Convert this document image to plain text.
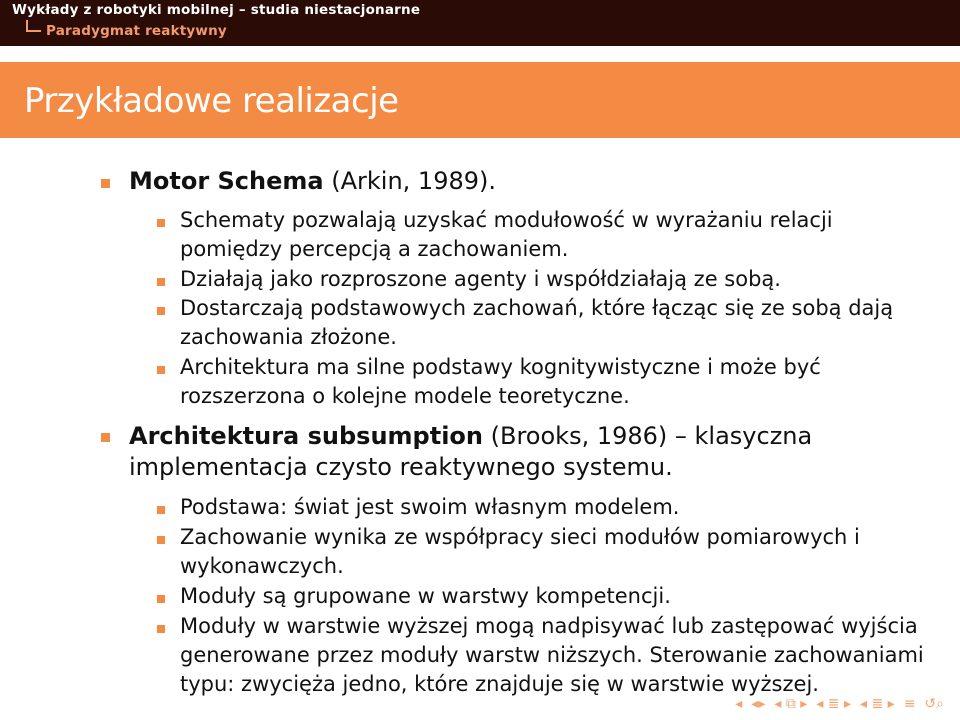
Wykłady z robotyki mobilnej – studia niestacjonarne
Paradygmat reaktywny
Przykładowe realizacje
Motor Schema (Arkin, 1989).
Schematy pozwalają uzyskać modułowość w wyrażaniu relacji
pomiędzy percepcją a zachowaniem.
Działają jako rozproszone agenty i współdziałają ze sobą.
Dostarczają podstawowych zachowań, które łącząc się ze sobą dają
zachowania złożone.
Architektura ma silne podstawy kognitywistyczne i może być
rozszerzona o kolejne modele teoretyczne.
Architektura subsumption (Brooks, 1986) – klasyczna
implementacja czysto reaktywnego systemu.
Podstawa: świat jest swoim własnym modelem.
Zachowanie wynika ze współpracy sieci modułów pomiarowych i
wykonawczych.
Moduły są grupowane w warstwy kompetencji.
Moduły w warstwie wyższej mogą nadpisywać lub zastępować wyjścia
generowane przez moduły warstw niższych. Sterowanie zachowaniami
typu: zwycięża jedno, które znajduje się w warstwie wyższej.
◂ ◂▸ ◂ ⧉ ▸ ◂ ≣ ▸ ◂ ≣ ▸ ≡ ↺⌕
